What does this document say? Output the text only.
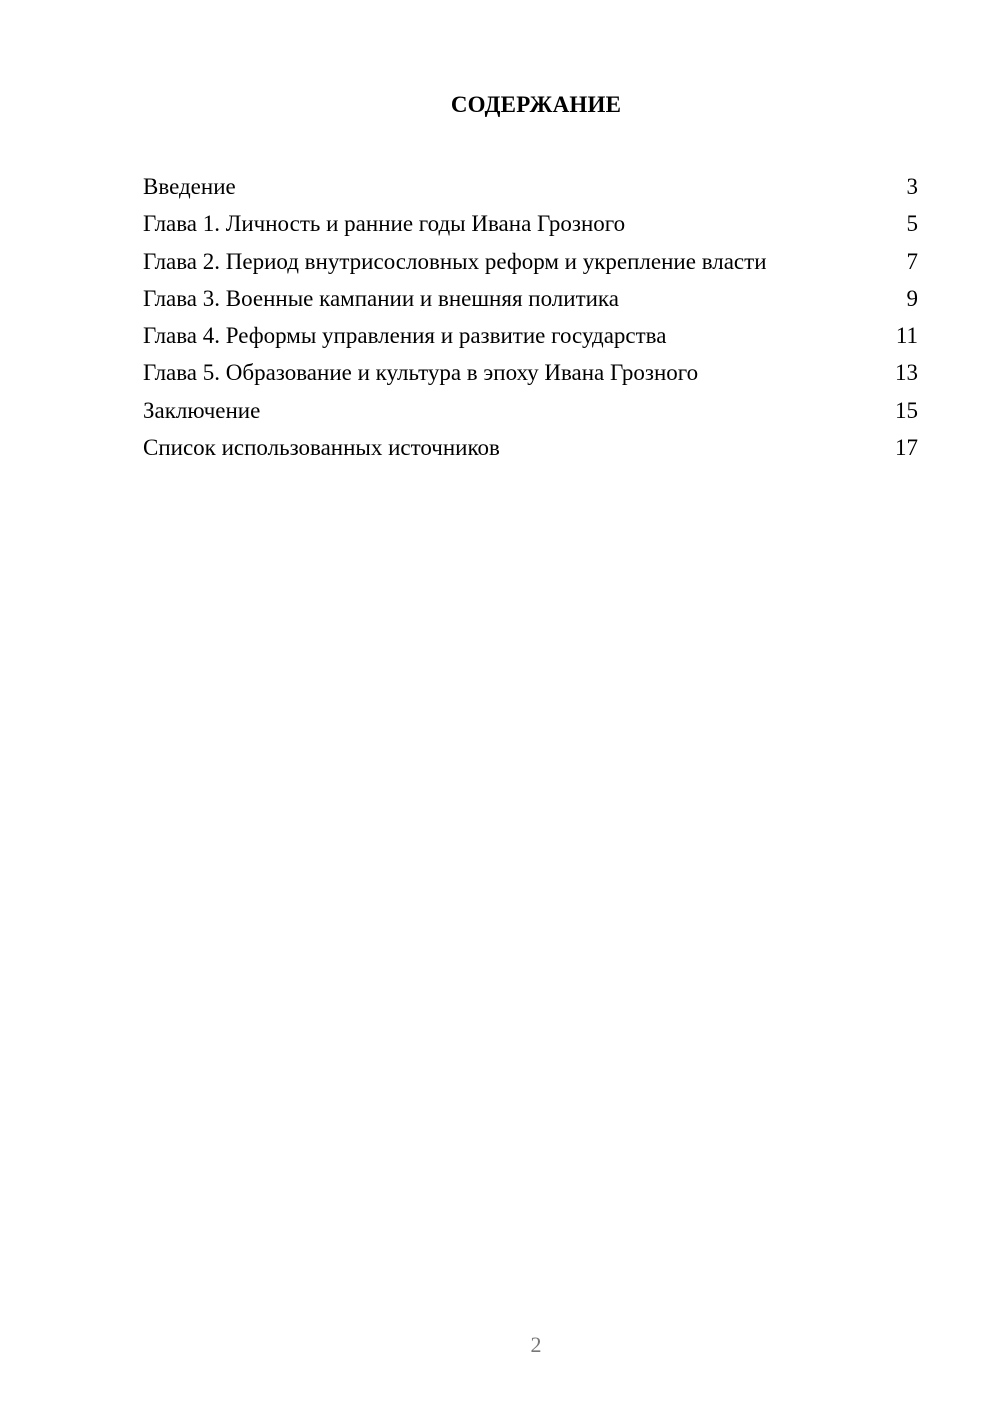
СОДЕРЖАНИЕ
Введение	3
Глава 1. Личность и ранние годы Ивана Грозного	5
Глава 2. Период внутрисословных реформ и укрепление власти	7
Глава 3. Военные кампании и внешняя политика	9
Глава 4. Реформы управления и развитие государства	11
Глава 5. Образование и культура в эпоху Ивана Грозного	13
Заключение	15
Список использованных источников	17
2
